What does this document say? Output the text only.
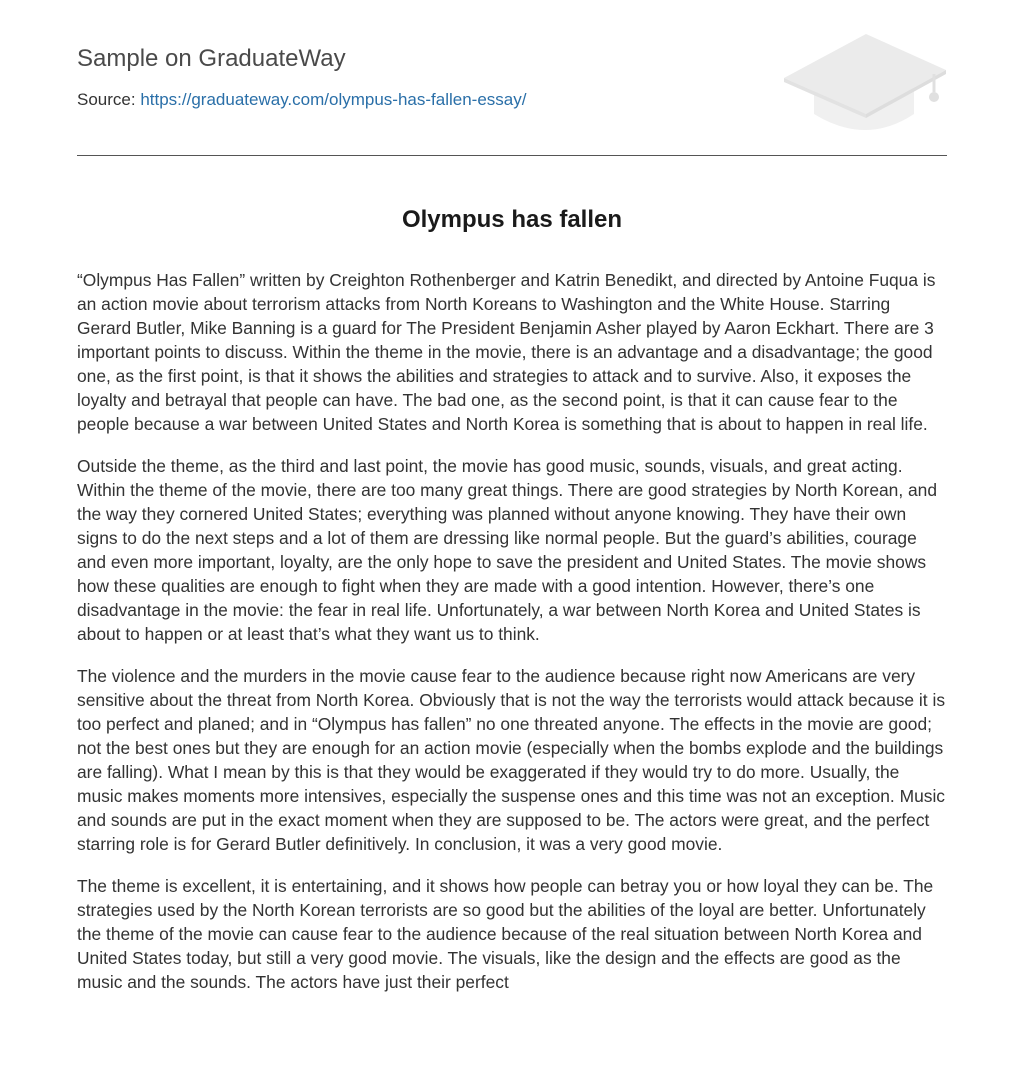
Sample on GraduateWay
Source: https://graduateway.com/olympus-has-fallen-essay/
Olympus has fallen

“Olympus Has Fallen” written by Creighton Rothenberger and Katrin Benedikt, and directed by Antoine Fuqua is an action movie about terrorism attacks from North Koreans to Washington and the White House. Starring Gerard Butler, Mike Banning is a guard for The President Benjamin Asher played by Aaron Eckhart. There are 3 important points to discuss. Within the theme in the movie, there is an advantage and a disadvantage; the good one, as the first point, is that it shows the abilities and strategies to attack and to survive. Also, it exposes the loyalty and betrayal that people can have. The bad one, as the second point, is that it can cause fear to the people because a war between United States and North Korea is something that is about to happen in real life.

Outside the theme, as the third and last point, the movie has good music, sounds, visuals, and great acting. Within the theme of the movie, there are too many great things. There are good strategies by North Korean, and the way they cornered United States; everything was planned without anyone knowing. They have their own signs to do the next steps and a lot of them are dressing like normal people. But the guard’s abilities, courage and even more important, loyalty, are the only hope to save the president and United States. The movie shows how these qualities are enough to fight when they are made with a good intention. However, there’s one disadvantage in the movie: the fear in real life. Unfortunately, a war between North Korea and United States is about to happen or at least that’s what they want us to think.

The violence and the murders in the movie cause fear to the audience because right now Americans are very sensitive about the threat from North Korea. Obviously that is not the way the terrorists would attack because it is too perfect and planed; and in “Olympus has fallen” no one threated anyone. The effects in the movie are good; not the best ones but they are enough for an action movie (especially when the bombs explode and the buildings are falling). What I mean by this is that they would be exaggerated if they would try to do more. Usually, the music makes moments more intensives, especially the suspense ones and this time was not an exception. Music and sounds are put in the exact moment when they are supposed to be. The actors were great, and the perfect starring role is for Gerard Butler definitively. In conclusion, it was a very good movie.

The theme is excellent, it is entertaining, and it shows how people can betray you or how loyal they can be. The strategies used by the North Korean terrorists are so good but the abilities of the loyal are better. Unfortunately the theme of the movie can cause fear to the audience because of the real situation between North Korea and United States today, but still a very good movie. The visuals, like the design and the effects are good as the music and the sounds. The actors have just their perfect
